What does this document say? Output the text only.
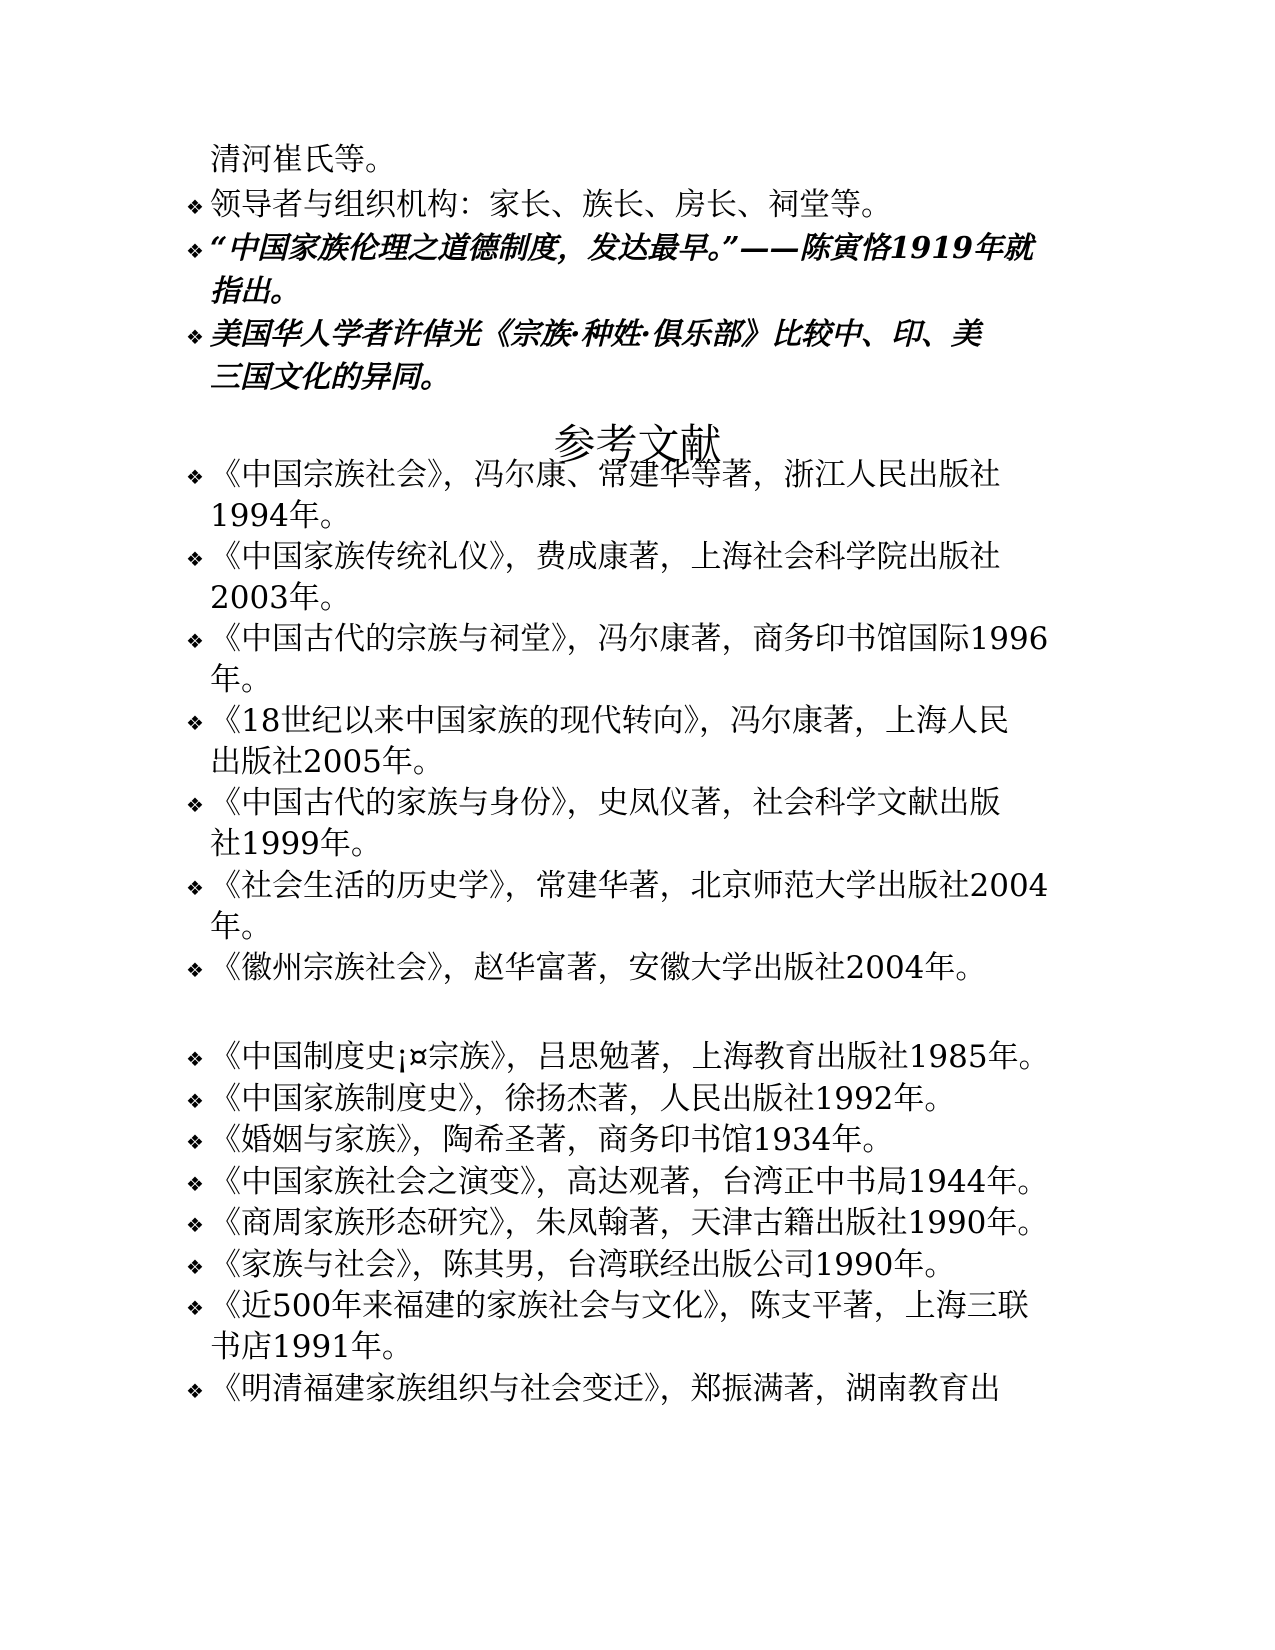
清河崔氏等。
❖ 领导者与组织机构：家长、族长、房长、祠堂等。
❖ “中国家族伦理之道德制度，发达最早。”——陈寅恪1919年就
指出。
❖ 美国华人学者许倬光《宗族·种姓·俱乐部》比较中、印、美
三国文化的异同。
参考文献
❖ 《中国宗族社会》，冯尔康、常建华等著，浙江人民出版社
1994年。
❖ 《中国家族传统礼仪》，费成康著，上海社会科学院出版社
2003年。
❖ 《中国古代的宗族与祠堂》，冯尔康著，商务印书馆国际1996
年。
❖ 《18世纪以来中国家族的现代转向》，冯尔康著，上海人民
出版社2005年。
❖ 《中国古代的家族与身份》，史凤仪著，社会科学文献出版
社1999年。
❖ 《社会生活的历史学》，常建华著，北京师范大学出版社2004
年。
❖ 《徽州宗族社会》，赵华富著，安徽大学出版社2004年。
❖ 《中国制度史¡¤宗族》，吕思勉著，上海教育出版社1985年。
❖ 《中国家族制度史》，徐扬杰著，人民出版社1992年。
❖ 《婚姻与家族》，陶希圣著，商务印书馆1934年。
❖ 《中国家族社会之演变》，高达观著，台湾正中书局1944年。
❖ 《商周家族形态研究》，朱凤翰著，天津古籍出版社1990年。
❖ 《家族与社会》，陈其男，台湾联经出版公司1990年。
❖ 《近500年来福建的家族社会与文化》，陈支平著，上海三联
书店1991年。
❖ 《明清福建家族组织与社会变迁》，郑振满著，湖南教育出
